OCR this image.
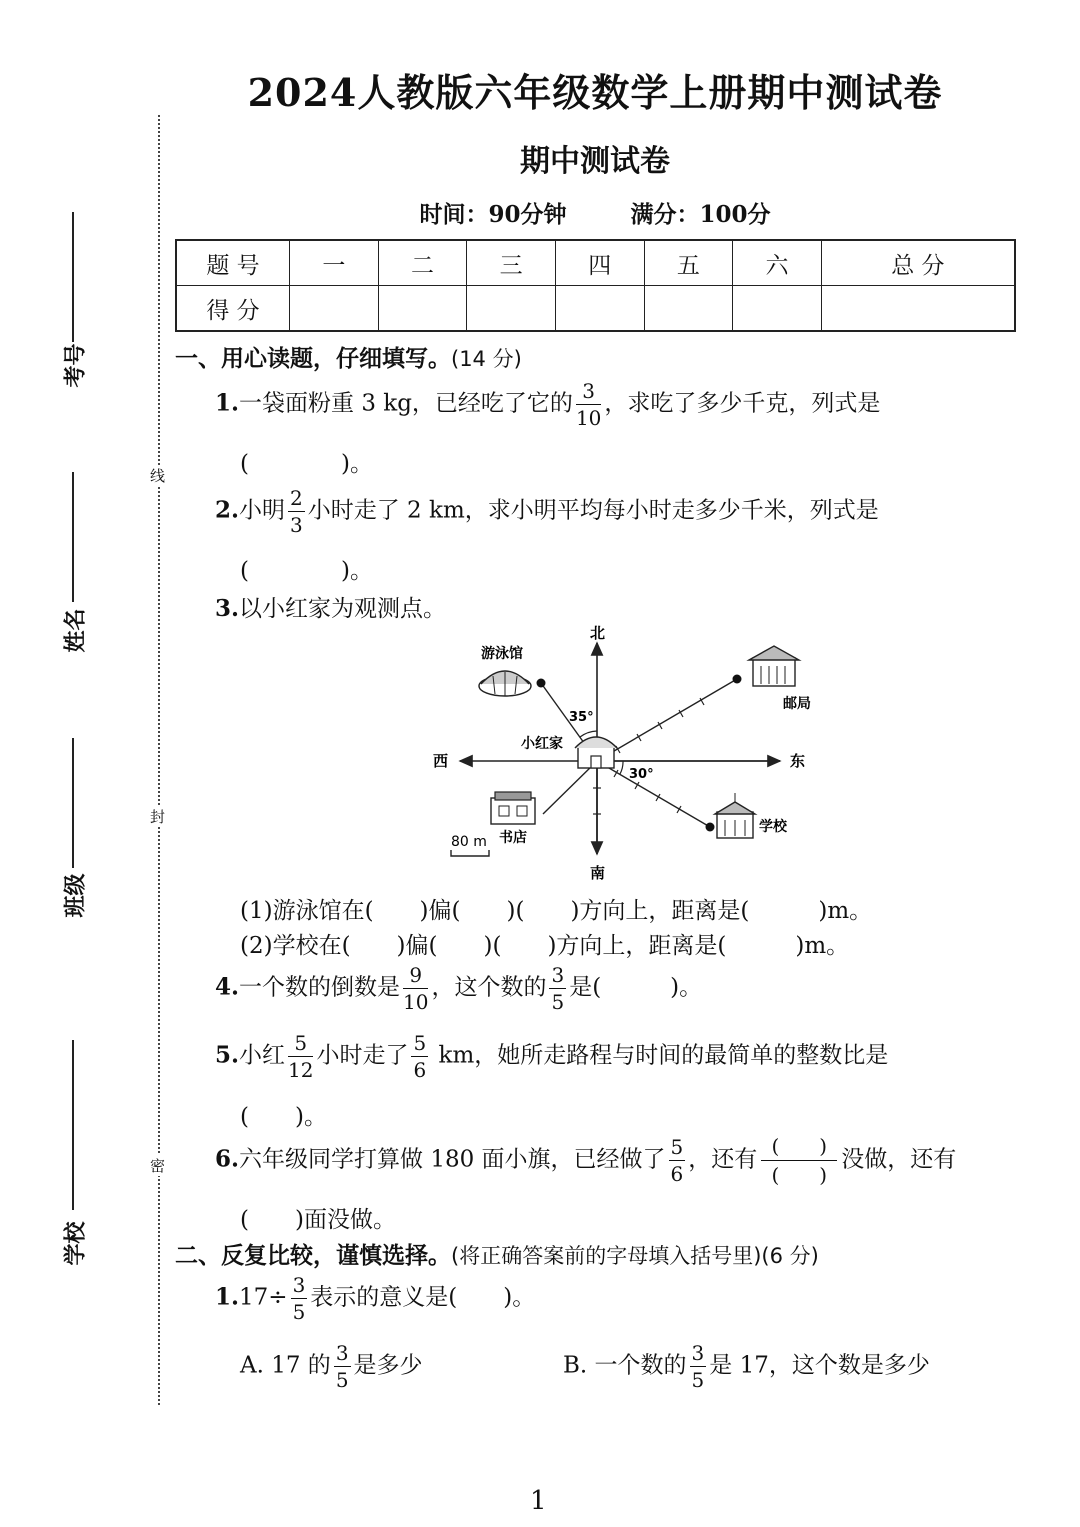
线
封
密
考号
姓名
班级
学校
2024人教版六年级数学上册期中测试卷
期中测试卷
时间：90分钟	满分：100分
题 号	一	二	三	四	五	六	总 分
得 分							
一、用心读题，仔细填写。(14 分)
1.一袋面粉重 3 kg，已经吃了它的 $\frac{3}{10}$ ，求吃了多少千克，列式是
(　　　　)。
2.小明 $\frac{2}{3}$ 小时走了 2 km，求小明平均每小时走多少千米，列式是
(　　　　)。
3.以小红家为观测点。
北
南
西	东
35°
30°
小红家
游泳馆
邮局
书店
学校
80 m
(1)游泳馆在(　　)偏(　　)(　　)方向上，距离是(　　　)m。
(2)学校在(　　)偏(　　)(　　)方向上，距离是(　　　)m。
4.一个数的倒数是 $\frac{9}{10}$ ，这个数的 $\frac{3}{5}$ 是(　　　)。
5.小红 $\frac{5}{12}$ 小时走了 $\frac{5}{6}$ km，她所走路程与时间的最简单的整数比是
(　　)。
6.六年级同学打算做 180 面小旗，已经做了 $\frac{5}{6}$ ，还有 $\frac{( )}{( )}$ 没做，还有
(　　)面没做。
二、反复比较，谨慎选择。(将正确答案前的字母填入括号里)(6 分)
$1.17\div \frac{3}{5}$ 表示的意义是(　　)。
A. 17 的 $\frac{3}{5}$ 是多少	B. 一个数的 $\frac{3}{5}$ 是 17，这个数是多少
1
